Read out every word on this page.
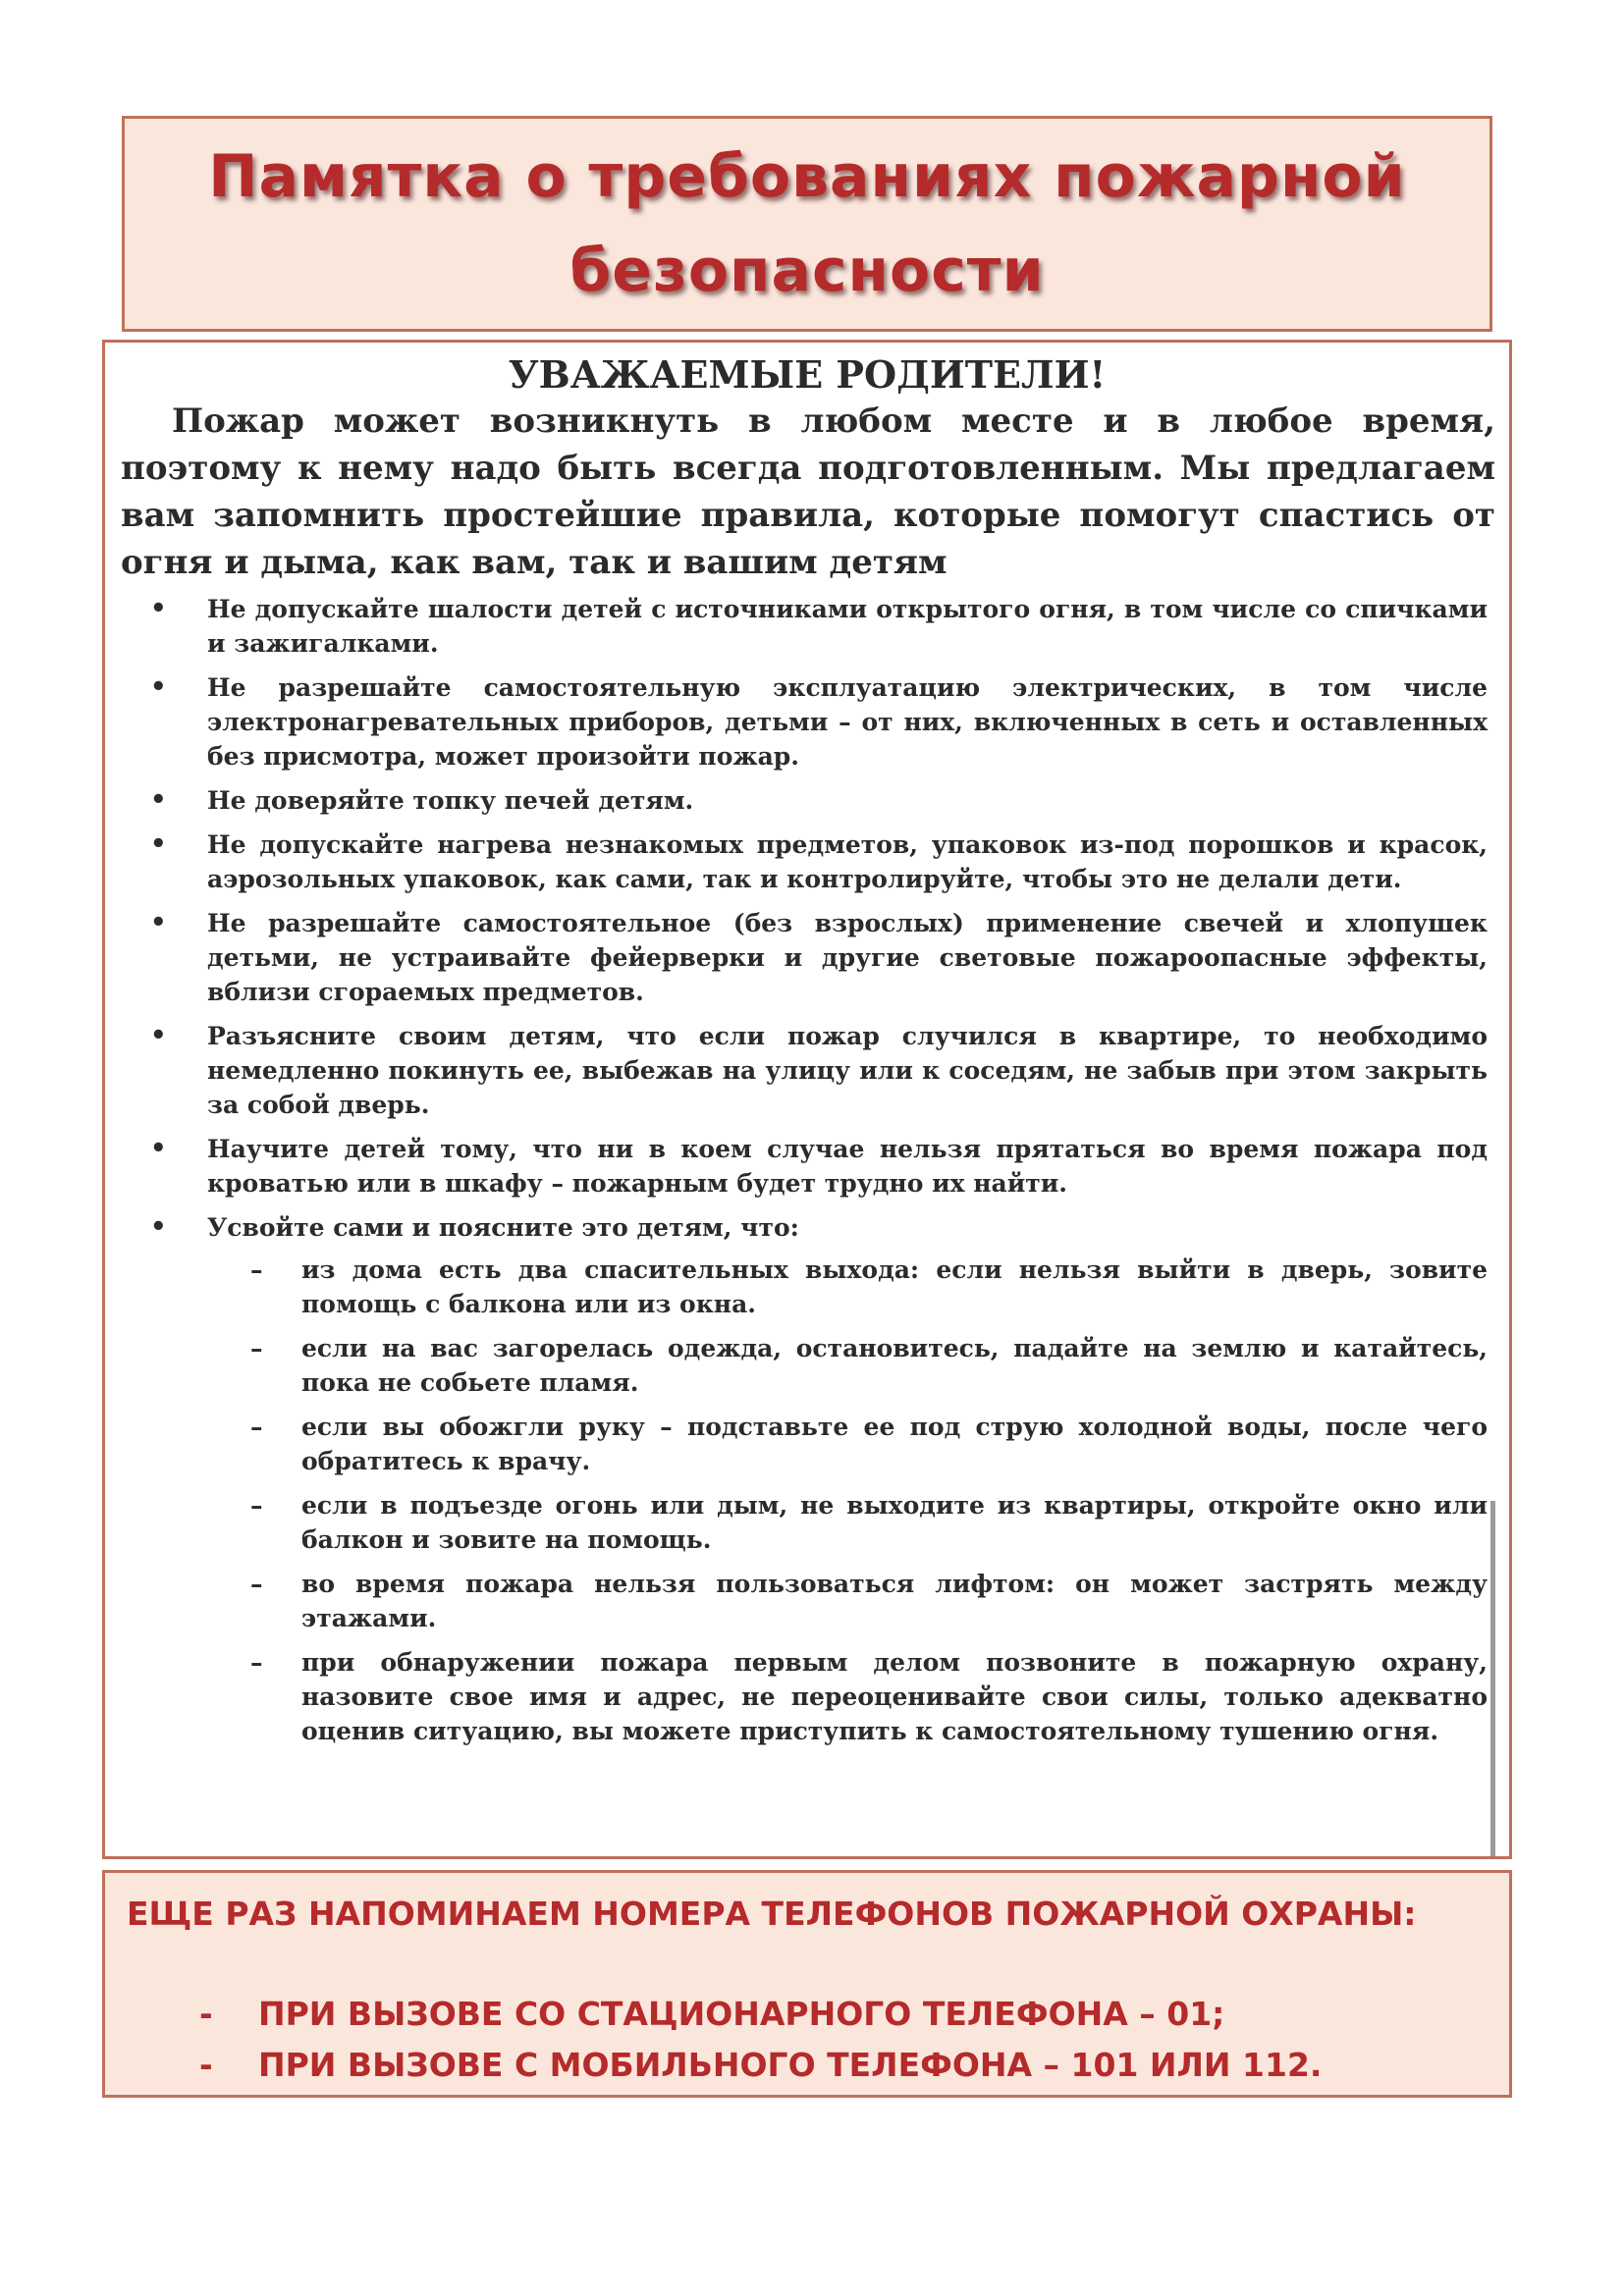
Памятка о требованиях пожарной
безопасности
УВАЖАЕМЫЕ РОДИТЕЛИ!

Пожар может возникнуть в любом месте и в любое время, поэтому к нему надо быть всегда подготовленным. Мы предлагаем вам запомнить простейшие правила, которые помогут спастись от огня и дыма, как вам, так и вашим детям

•	Не допускайте шалости детей с источниками открытого огня, в том числе со спичками и зажигалками.
•	Не разрешайте самостоятельную эксплуатацию электрических, в том числе электронагревательных приборов, детьми – от них, включенных в сеть и оставленных без присмотра, может произойти пожар.
•	Не доверяйте топку печей детям.
•	Не допускайте нагрева незнакомых предметов, упаковок из-под порошков и красок, аэрозольных упаковок, как сами, так и контролируйте, чтобы это не делали дети.
•	Не разрешайте самостоятельное (без взрослых) применение свечей и хлопушек детьми, не устраивайте фейерверки и другие световые пожароопасные эффекты, вблизи сгораемых предметов.
•	Разъясните своим детям, что если пожар случился в квартире, то необходимо немедленно покинуть ее, выбежав на улицу или к соседям, не забыв при этом закрыть за собой дверь.
•	Научите детей тому, что ни в коем случае нельзя прятаться во время пожара под кроватью или в шкафу – пожарным будет трудно их найти.
•	Усвойте сами и поясните это детям, что:
– из дома есть два спасительных выхода: если нельзя выйти в дверь, зовите помощь с балкона или из окна.
– если на вас загорелась одежда, остановитесь, падайте на землю и катайтесь, пока не собьете пламя.
– если вы обожгли руку – подставьте ее под струю холодной воды, после чего обратитесь к врачу.
– если в подъезде огонь или дым, не выходите из квартиры, откройте окно или балкон и зовите на помощь.
– во время пожара нельзя пользоваться лифтом: он может застрять между этажами.
– при обнаружении пожара первым делом позвоните в пожарную охрану, назовите свое имя и адрес, не переоценивайте свои силы, только адекватно оценив ситуацию, вы можете приступить к самостоятельному тушению огня.
ЕЩЕ РАЗ НАПОМИНАЕМ НОМЕРА ТЕЛЕФОНОВ ПОЖАРНОЙ ОХРАНЫ:
- ПРИ ВЫЗОВЕ СО СТАЦИОНАРНОГО ТЕЛЕФОНА – 01;
- ПРИ ВЫЗОВЕ С МОБИЛЬНОГО ТЕЛЕФОНА – 101 ИЛИ 112.
